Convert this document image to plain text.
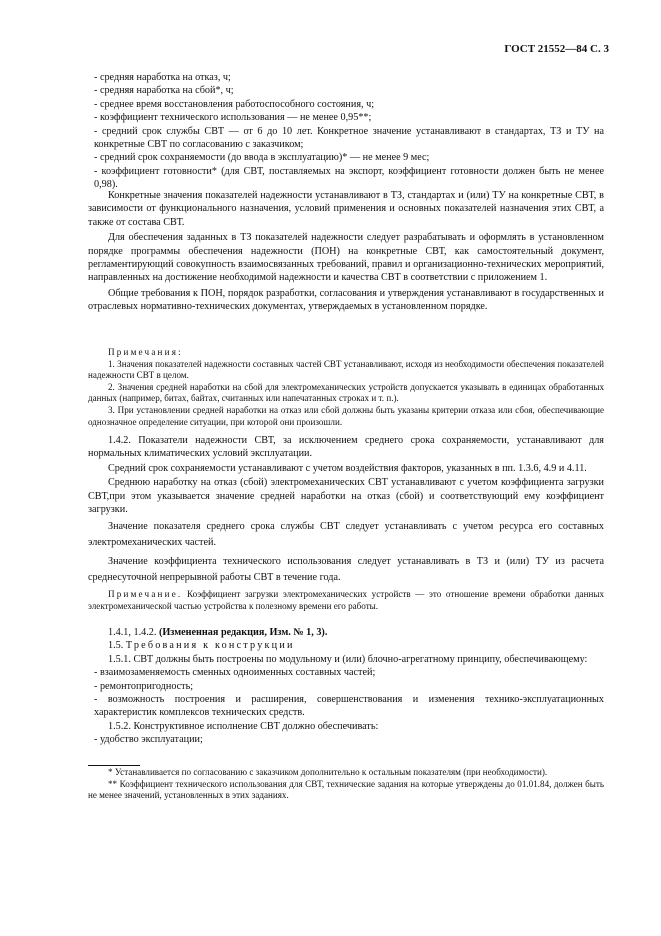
ГОСТ 21552—84 С. 3

- средняя наработка на отказ, ч;

- средняя наработка на сбой*, ч;

- среднее время восстановления работоспособного состояния, ч;

- коэффициент технического использования — не менее 0,95**;

- средний срок службы СВТ — от 6 до 10 лет. Конкретное значение устанавливают в стандартах, ТЗ и ТУ на конкретные СВТ по согласованию с заказчиком;

- средний срок сохраняемости (до ввода в эксплуатацию)* — не менее 9 мес;

- коэффициент готовности* (для СВТ, поставляемых на экспорт, коэффициент готовности должен быть не менее 0,98).

Конкретные значения показателей надежности устанавливают в ТЗ, стандартах и (или) ТУ на конкретные СВТ, в зависимости от функционального назначения, условий применения и основных показателей назначения этих СВТ, а также от состава СВТ.

Для обеспечения заданных в ТЗ показателей надежности следует разрабатывать и оформлять в установленном порядке программы обеспечения надежности (ПОН) на конкретные СВТ, как самостоятельный документ, регламентирующий совокупность взаимосвязанных требований, правил и организационно-технических мероприятий, направленных на достижение необходимой надежности и качества СВТ в соответствии с приложением 1.

Общие требования к ПОН, порядок разработки, согласования и утверждения устанавливают в государственных и отраслевых нормативно-технических документах, утверждаемых в установленном порядке.

Примечания:

1. Значения показателей надежности составных частей СВТ устанавливают, исходя из необходимости обеспечения показателей надежности СВТ в целом.

2. Значения средней наработки на сбой для электромеханических устройств допускается указывать в единицах обработанных данных (например, битах, байтах, считанных или напечатанных строках и т. п.).

3. При установлении средней наработки на отказ или сбой должны быть указаны критерии отказа или сбоя, обеспечивающие однозначное определение ситуации, при которой они произошли.

1.4.2. Показатели надежности СВТ, за исключением среднего срока сохраняемости, устанавливают для нормальных климатических условий эксплуатации.

Средний срок сохраняемости устанавливают с учетом воздействия факторов, указанных в пп. 1.3.6, 4.9 и 4.11.

Среднюю наработку на отказ (сбой) электромеханических СВТ устанавливают с учетом коэффициента загрузки СВТ,при этом указывается значение средней наработки на отказ (сбой) и соответствующий ему коэффициент загрузки.

Значение показателя среднего срока службы СВТ следует устанавливать с учетом ресурса его составных электромеханических частей.

Значение коэффициента технического использования следует устанавливать в ТЗ и (или) ТУ из расчета среднесуточной непрерывной работы СВТ в течение года.

Примечание. Коэффициент загрузки электромеханических устройств — это отношение времени обработки данных электромеханической частью устройства к полезному времени его работы.

1.4.1, 1.4.2. (Измененная редакция, Изм. № 1, 3).

1.5. Требования к конструкции

1.5.1. СВТ должны быть построены по модульному и (или) блочно-агрегатному принципу, обеспечивающему:

- взаимозаменяемость сменных одноименных составных частей;

- ремонтопригодность;

- возможность построения и расширения, совершенствования и изменения технико-эксплуатационных характеристик комплексов технических средств.

1.5.2. Конструктивное исполнение СВТ должно обеспечивать:

- удобство эксплуатации;

* Устанавливается по согласованию с заказчиком дополнительно к остальным показателям (при необходимости).

** Коэффициент технического использования для СВТ, технические задания на которые утверждены до 01.01.84, должен быть не менее значений, установленных в этих заданиях.
